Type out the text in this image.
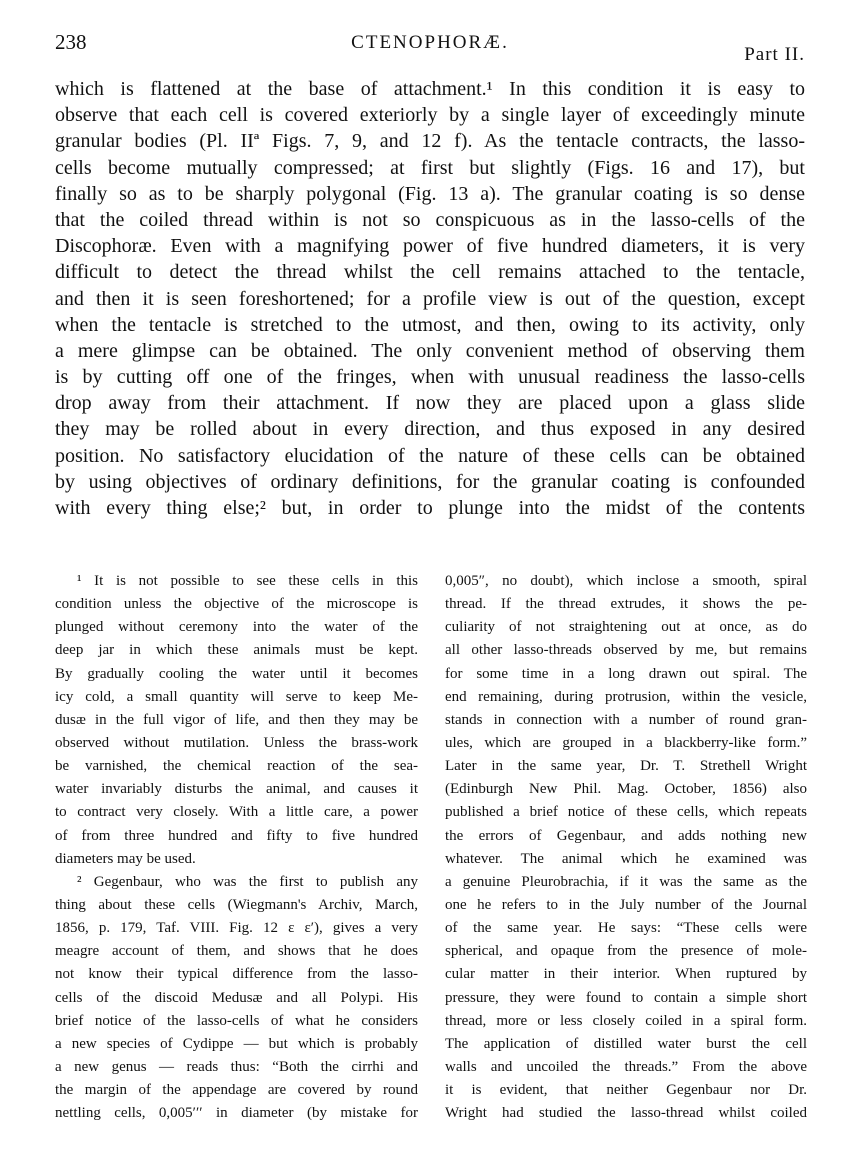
238	CTENOPHORÆ.
Part II.
which is flattened at the base of attachment.¹ In this condition it is easy to
observe that each cell is covered exteriorly by a single layer of exceedingly minute
granular bodies (Pl. IIª Figs. 7, 9, and 12 f). As the tentacle contracts, the lasso-
cells become mutually compressed; at first but slightly (Figs. 16 and 17), but
finally so as to be sharply polygonal (Fig. 13 a). The granular coating is so dense
that the coiled thread within is not so conspicuous as in the lasso-cells of the
Discophoræ. Even with a magnifying power of five hundred diameters, it is very
difficult to detect the thread whilst the cell remains attached to the tentacle,
and then it is seen foreshortened; for a profile view is out of the question, except
when the tentacle is stretched to the utmost, and then, owing to its activity, only
a mere glimpse can be obtained. The only convenient method of observing them
is by cutting off one of the fringes, when with unusual readiness the lasso-cells
drop away from their attachment. If now they are placed upon a glass slide
they may be rolled about in every direction, and thus exposed in any desired
position. No satisfactory elucidation of the nature of these cells can be obtained
by using objectives of ordinary definitions, for the granular coating is confounded
with every thing else;² but, in order to plunge into the midst of the contents
¹ It is not possible to see these cells in this
condition unless the objective of the microscope is
plunged without ceremony into the water of the
deep jar in which these animals must be kept.
By gradually cooling the water until it becomes
icy cold, a small quantity will serve to keep Me-
dusæ in the full vigor of life, and then they may be
observed without mutilation. Unless the brass-work
be varnished, the chemical reaction of the sea-
water invariably disturbs the animal, and causes it
to contract very closely. With a little care, a power
of from three hundred and fifty to five hundred
diameters may be used.
² Gegenbaur, who was the first to publish any
thing about these cells (Wiegmann's Archiv, March,
1856, p. 179, Taf. VIII. Fig. 12 ε ε′), gives a very
meagre account of them, and shows that he does
not know their typical difference from the lasso-
cells of the discoid Medusæ and all Polypi. His
brief notice of the lasso-cells of what he considers
a new species of Cydippe — but which is probably
a new genus — reads thus: “Both the cirrhi and
the margin of the appendage are covered by round
nettling cells, 0,005′′′ in diameter (by mistake for
0,005″, no doubt), which inclose a smooth, spiral
thread. If the thread extrudes, it shows the pe-
culiarity of not straightening out at once, as do
all other lasso-threads observed by me, but remains
for some time in a long drawn out spiral. The
end remaining, during protrusion, within the vesicle,
stands in connection with a number of round gran-
ules, which are grouped in a blackberry-like form.”
Later in the same year, Dr. T. Strethell Wright
(Edinburgh New Phil. Mag. October, 1856) also
published a brief notice of these cells, which repeats
the errors of Gegenbaur, and adds nothing new
whatever. The animal which he examined was
a genuine Pleurobrachia, if it was the same as the
one he refers to in the July number of the Journal
of the same year. He says: “These cells were
spherical, and opaque from the presence of mole-
cular matter in their interior. When ruptured by
pressure, they were found to contain a simple short
thread, more or less closely coiled in a spiral form.
The application of distilled water burst the cell
walls and uncoiled the threads.” From the above
it is evident, that neither Gegenbaur nor Dr.
Wright had studied the lasso-thread whilst coiled
